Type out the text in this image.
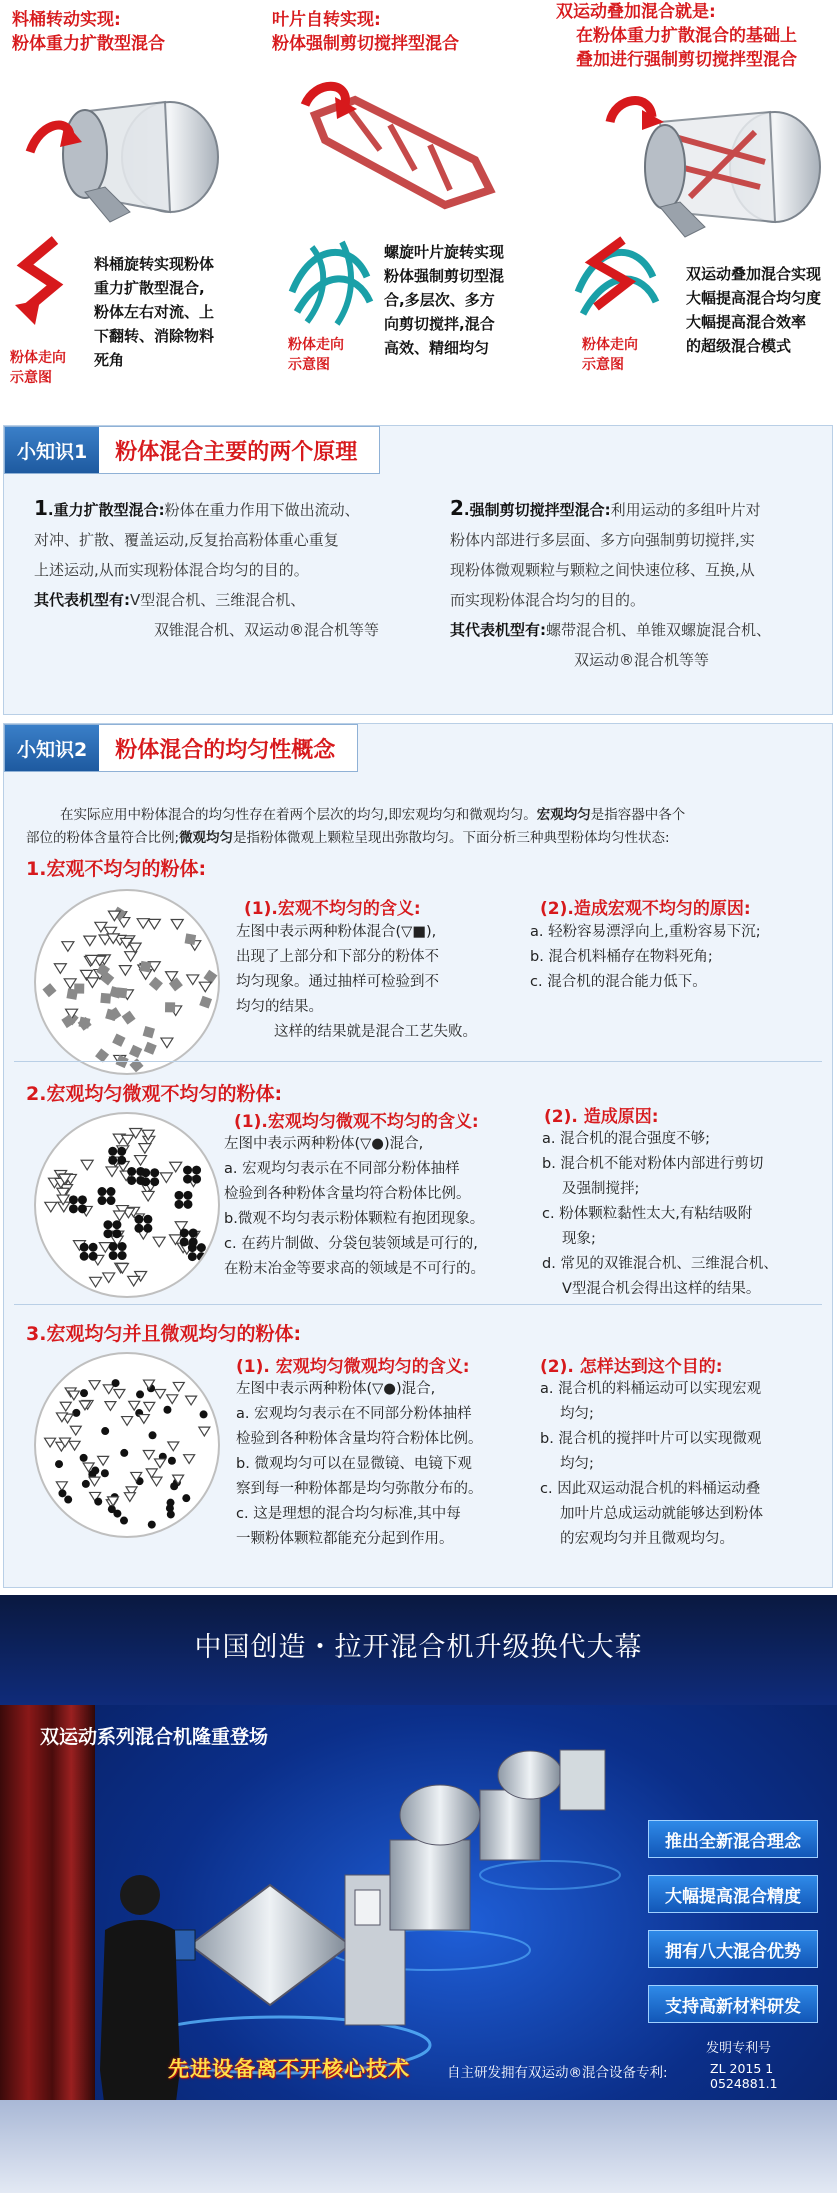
料桶转动实现:
粉体重力扩散型混合
粉体走向
示意图
料桶旋转实现粉体
重力扩散型混合,
粉体左右对流、上
下翻转、消除物料
死角
叶片自转实现:
粉体强制剪切搅拌型混合
粉体走向
示意图
螺旋叶片旋转实现
粉体强制剪切型混
合,多层次、多方
向剪切搅拌,混合
高效、精细均匀
双运动叠加混合就是:
在粉体重力扩散混合的基础上
叠加进行强制剪切搅拌型混合
粉体走向
示意图
双运动叠加混合实现
大幅提高混合均匀度
大幅提高混合效率
的超级混合模式
小知识1	粉体混合主要的两个原理
1.重力扩散型混合:粉体在重力作用下做出流动、
对冲、扩散、覆盖运动,反复抬高粉体重心重复
上述运动,从而实现粉体混合均匀的目的。
其代表机型有:V型混合机、三维混合机、
双锥混合机、双运动®混合机等等
2.强制剪切搅拌型混合:利用运动的多组叶片对
粉体内部进行多层面、多方向强制剪切搅拌,实
现粉体微观颗粒与颗粒之间快速位移、互换,从
而实现粉体混合均匀的目的。
其代表机型有:螺带混合机、单锥双螺旋混合机、
双运动®混合机等等
小知识2	粉体混合的均匀性概念
在实际应用中粉体混合的均匀性存在着两个层次的均匀,即宏观均匀和微观均匀。宏观均匀是指容器中各个
部位的粉体含量符合比例;微观均匀是指粉体微观上颗粒呈现出弥散均匀。下面分析三种典型粉体均匀性状态:
1.宏观不均匀的粉体:
(1).宏观不均匀的含义:
左图中表示两种粉体混合(▽■),
出现了上部分和下部分的粉体不
均匀现象。通过抽样可检验到不
均匀的结果。
这样的结果就是混合工艺失败。
(2).造成宏观不均匀的原因:
a. 轻粉容易漂浮向上,重粉容易下沉;
b. 混合机料桶存在物料死角;
c. 混合机的混合能力低下。
2.宏观均匀微观不均匀的粉体:
(1).宏观均匀微观不均匀的含义:
左图中表示两种粉体(▽●)混合,
a. 宏观均匀表示在不同部分粉体抽样
检验到各种粉体含量均符合粉体比例。
b.微观不均匀表示粉体颗粒有抱团现象。
c. 在药片制做、分袋包装领域是可行的,
在粉末冶金等要求高的领域是不可行的。
(2). 造成原因:
a. 混合机的混合强度不够;
b. 混合机不能对粉体内部进行剪切
及强制搅拌;
c. 粉体颗粒黏性太大,有粘结吸附
现象;
d. 常见的双锥混合机、三维混合机、
V型混合机会得出这样的结果。
3.宏观均匀并且微观均匀的粉体:
(1). 宏观均匀微观均匀的含义:
左图中表示两种粉体(▽●)混合,
a. 宏观均匀表示在不同部分粉体抽样
检验到各种粉体含量均符合粉体比例。
b. 微观均匀可以在显微镜、电镜下观
察到每一种粉体都是均匀弥散分布的。
c. 这是理想的混合均匀标准,其中每
一颗粉体颗粒都能充分起到作用。
(2). 怎样达到这个目的:
a. 混合机的料桶运动可以实现宏观
均匀;
b. 混合机的搅拌叶片可以实现微观
均匀;
c. 因此双运动混合机的料桶运动叠
加叶片总成运动就能够达到粉体
的宏观均匀并且微观均匀。
中国创造・拉开混合机升级换代大幕
双运动系列混合机隆重登场
推出全新混合理念
大幅提高混合精度
拥有八大混合优势
支持高新材料研发
先进设备离不开核心技术
发明专利号
自主研发拥有双运动®混合设备专利:	ZL 2015 1 0524881.1
